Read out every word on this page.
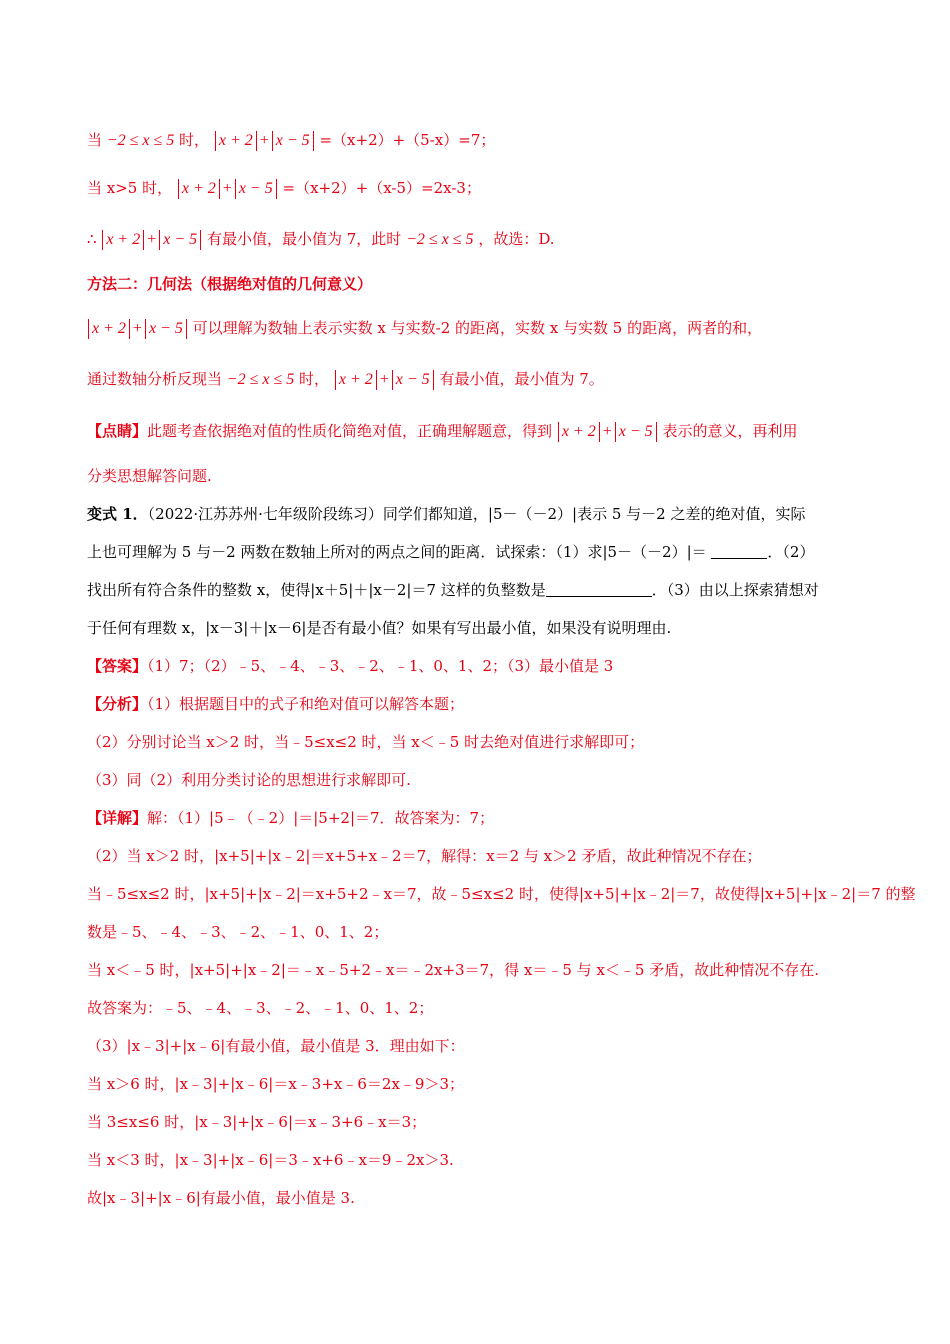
当 −2 ≤ x ≤ 5 时， x + 2 + x − 5 =（x+2）+（5-x）=7；
当 x>5 时， x + 2 + x − 5 =（x+2）+（x-5）=2x-3；
∴ x + 2 + x − 5 有最小值，最小值为 7，此时 −2 ≤ x ≤ 5 ，故选：D.
方法二：几何法（根据绝对值的几何意义）
x + 2 + x − 5 可以理解为数轴上表示实数 x 与实数-2 的距离，实数 x 与实数 5 的距离，两者的和，
通过数轴分析反现当 −2 ≤ x ≤ 5 时， x + 2 + x − 5 有最小值，最小值为 7。
【点睛】此题考查依据绝对值的性质化简绝对值，正确理解题意，得到 x + 2 + x − 5 表示的意义，再利用
分类思想解答问题.
变式 1．（2022·江苏苏州·七年级阶段练习）同学们都知道，|5－（－2）|表示 5 与－2 之差的绝对值，实际
上也可理解为 5 与－2 两数在数轴上所对的两点之间的距离．试探索：（1）求|5－（－2）|＝	．（2）
找出所有符合条件的整数 x，使得|x＋5|＋|x－2|＝7 这样的负整数是	．（3）由以上探索猜想对
于任何有理数 x，|x－3|＋|x－6|是否有最小值？如果有写出最小值，如果没有说明理由.
【答案】（1）7；（2）﹣5、﹣4、﹣3、﹣2、﹣1、0、1、2；（3）最小值是 3
【分析】（1）根据题目中的式子和绝对值可以解答本题；
（2）分别讨论当 x＞2 时，当﹣5≤x≤2 时，当 x＜﹣5 时去绝对值进行求解即可；
（3）同（2）利用分类讨论的思想进行求解即可.
【详解】解：（1）|5﹣（﹣2）|＝|5+2|＝7．故答案为：7；
（2）当 x＞2 时，|x+5|+|x﹣2|＝x+5+x﹣2＝7，解得：x＝2 与 x＞2 矛盾，故此种情况不存在；
当﹣5≤x≤2 时，|x+5|+|x﹣2|＝x+5+2﹣x＝7，故﹣5≤x≤2 时，使得|x+5|+|x﹣2|＝7，故使得|x+5|+|x﹣2|＝7 的整
数是﹣5、﹣4、﹣3、﹣2、﹣1、0、1、2；
当 x＜﹣5 时，|x+5|+|x﹣2|＝﹣x﹣5+2﹣x＝﹣2x+3＝7，得 x＝﹣5 与 x＜﹣5 矛盾，故此种情况不存在.
故答案为：﹣5、﹣4、﹣3、﹣2、﹣1、0、1、2；
（3）|x﹣3|+|x﹣6|有最小值，最小值是 3．理由如下：
当 x＞6 时，|x﹣3|+|x﹣6|＝x﹣3+x﹣6＝2x﹣9＞3；
当 3≤x≤6 时，|x﹣3|+|x﹣6|＝x﹣3+6﹣x＝3；
当 x＜3 时，|x﹣3|+|x﹣6|＝3﹣x+6﹣x＝9﹣2x＞3.
故|x﹣3|+|x﹣6|有最小值，最小值是 3.
